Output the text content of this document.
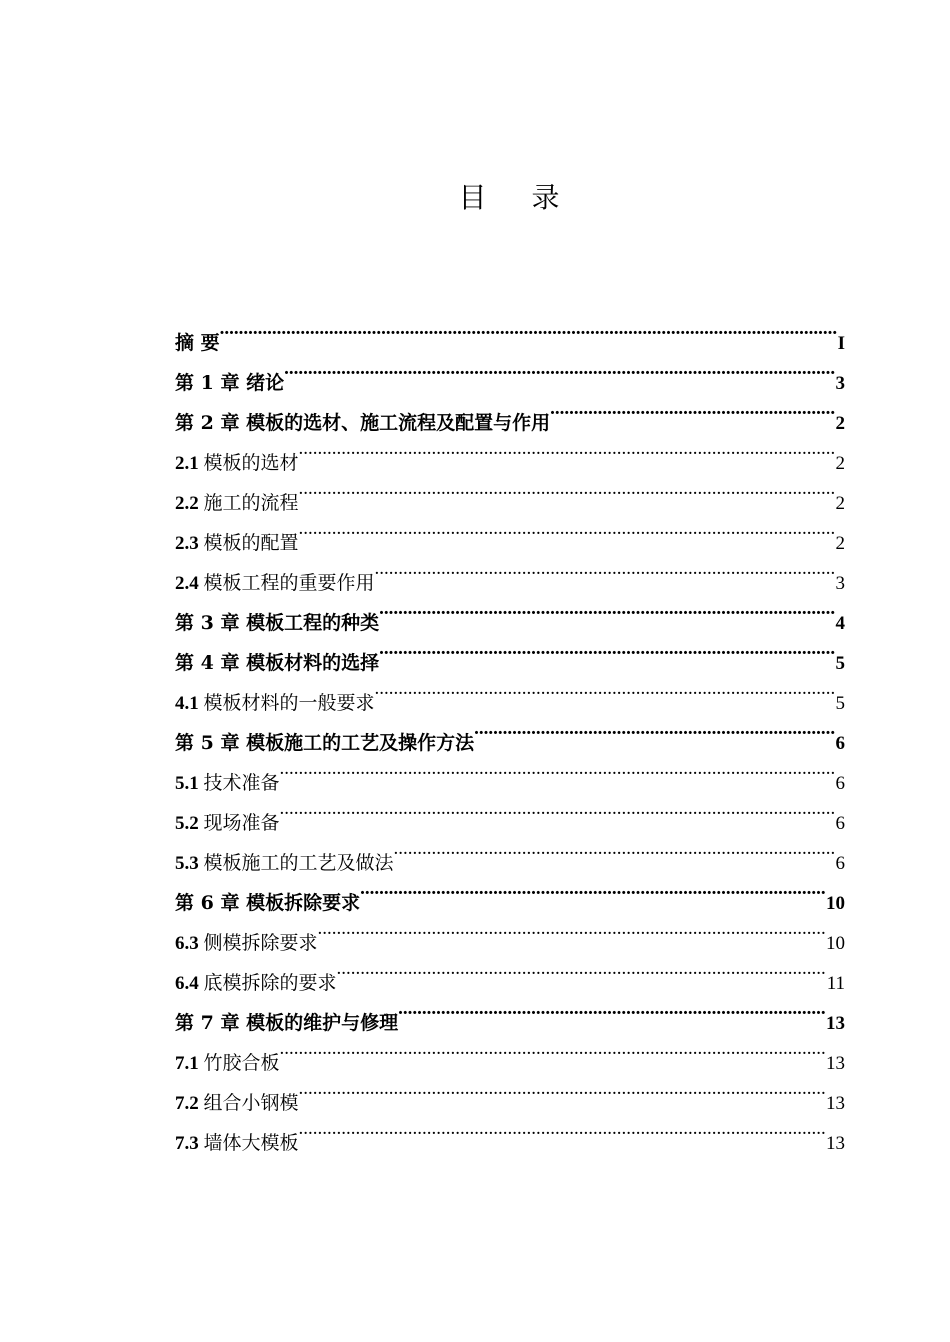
目 录
摘 要 .....	I
第 1 章 绪论 .....	3
第 2 章 模板的选材、施工流程及配置与作用 .....	2
2.1 模板的选材 .....	2
2.2 施工的流程 .....	2
2.3 模板的配置 .....	2
2.4 模板工程的重要作用 .....	3
第 3 章 模板工程的种类 .....	4
第 4 章 模板材料的选择 .....	5
4.1 模板材料的一般要求 .....	5
第 5 章 模板施工的工艺及操作方法 .....	6
5.1 技术准备 .....	6
5.2 现场准备 .....	6
5.3 模板施工的工艺及做法 .....	6
第 6 章 模板拆除要求 .....	10
6.3 侧模拆除要求 .....	10
6.4 底模拆除的要求 .....	11
第 7 章 模板的维护与修理 .....	13
7.1 竹胶合板 .....	13
7.2 组合小钢模 .....	13
7.3 墙体大模板 .....	13
